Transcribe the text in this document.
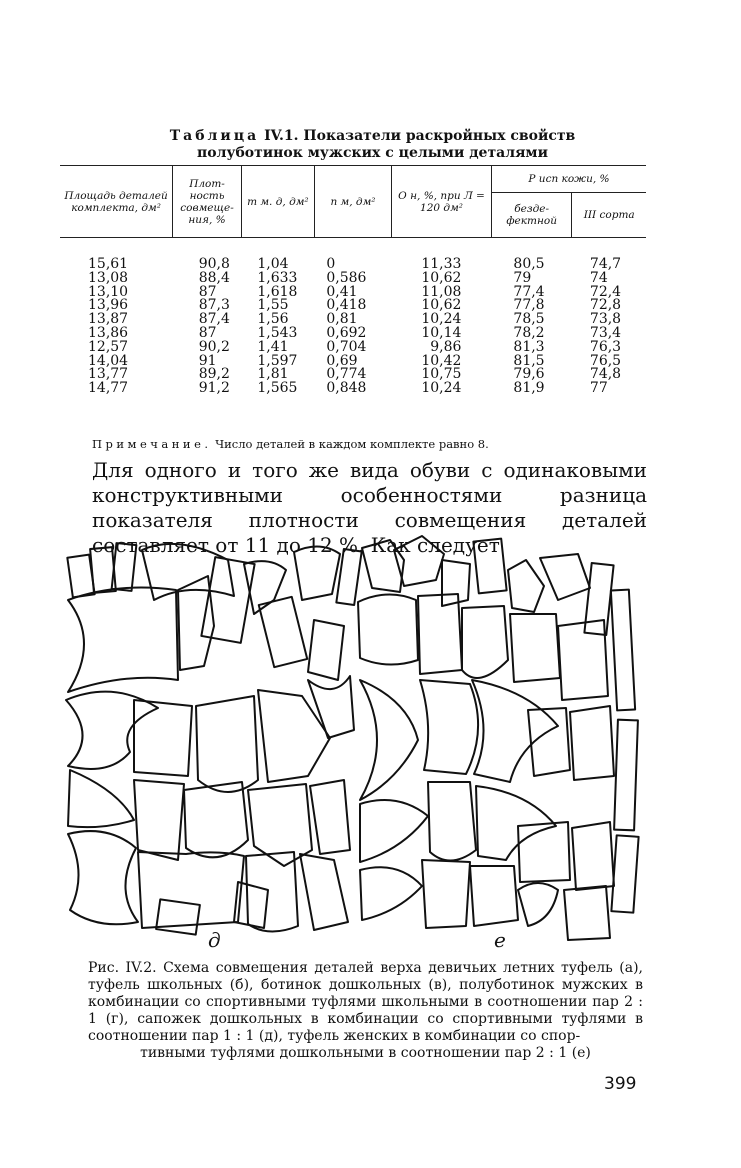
Таблица IV.1. Показатели раскройных свойств
полуботинок мужских с целыми деталями
Площадь деталей комплекта, дм²	Плот- ность совмеще- ния, %	m м. д, дм²	n м, дм²	О н, %, при Л = 120 дм²	Р исп кожи, %	
					безде- фектной	III сорта
15,61	90,8	1,04	0	11,33	80,5	74,7
13,08	88,4	1,633	0,586	10,62	79	74
13,10	87	1,618	0,41	11,08	77,4	72,4
13,96	87,3	1,55	0,418	10,62	77,8	72,8
13,87	87,4	1,56	0,81	10,24	78,5	73,8
13,86	87	1,543	0,692	10,14	78,2	73,4
12,57	90,2	1,41	0,704	9,86	81,3	76,3
14,04	91	1,597	0,69	10,42	81,5	76,5
13,77	89,2	1,81	0,774	10,75	79,6	74,8
14,77	91,2	1,565	0,848	10,24	81,9	77
Примечание. Число деталей в каждом комплекте равно 8.
Для одного и того же вида обуви с одинаковыми конструктивными особенностями разница показателя плотности совмещения деталей составляет от 11 до 12 %. Как следует
д	е
Рис. IV.2. Схема совмещения деталей верха девичьих летних туфель (а), туфель школьных (б), ботинок дошкольных (в), полуботинок мужских в комбинации со спортивными туфлями школьными в соотношении пар 2 : 1 (г), сапожек дошкольных в комбинации со спортивными туфлями в соотношении пар 1 : 1 (д), туфель женских в комбинации со спор-
тивными туфлями дошкольными в соотношении пар 2 : 1 (е)
399
